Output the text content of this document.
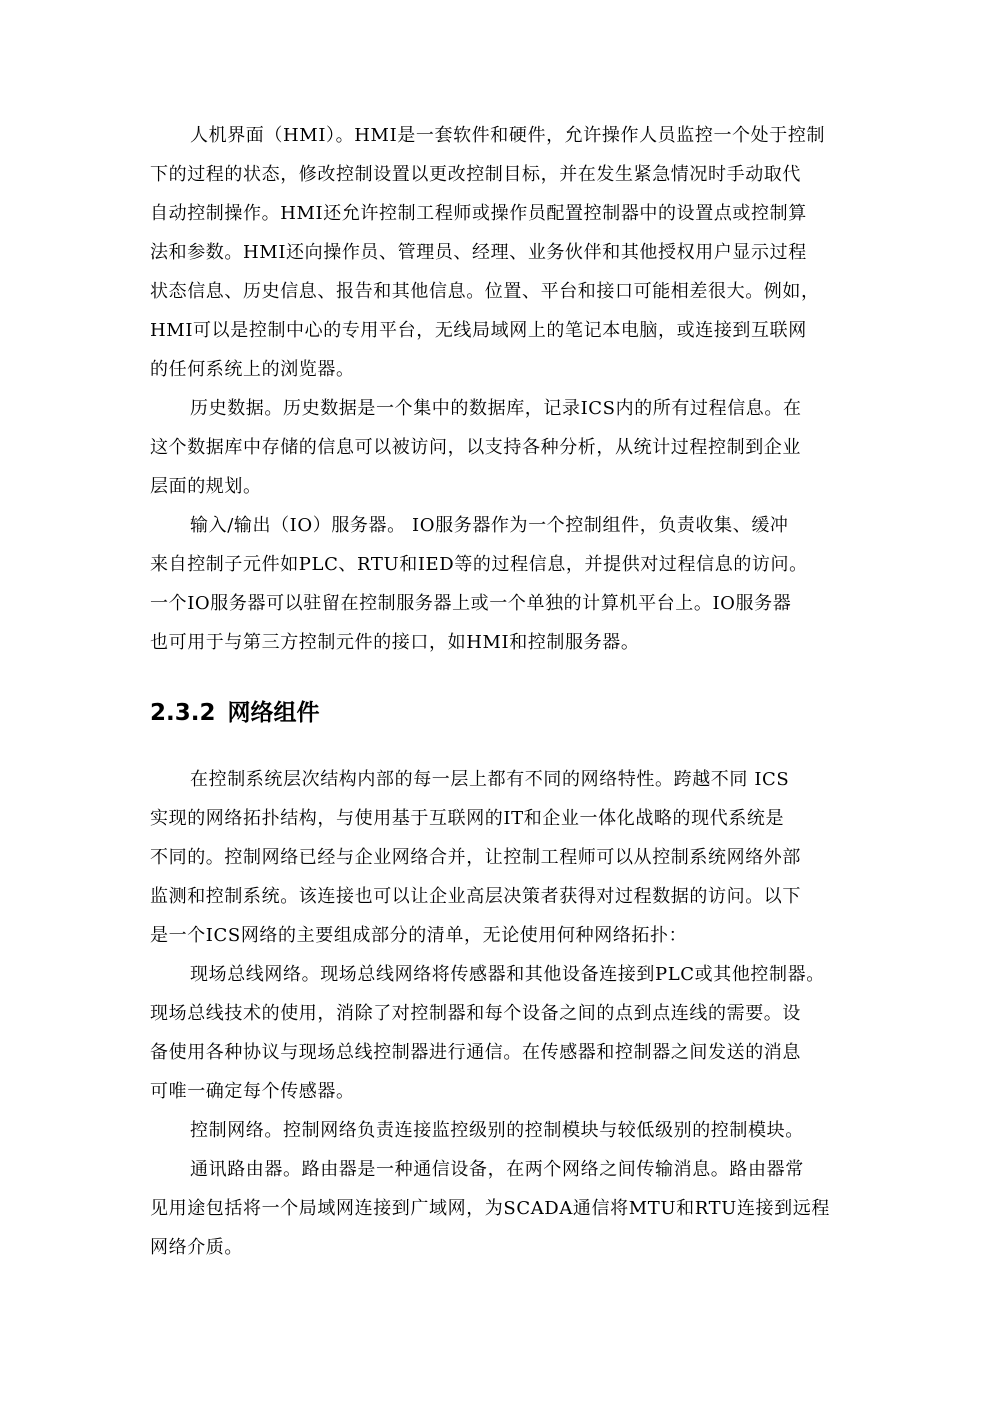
人机界面（HMI）。HMI是一套软件和硬件，允许操作人员监控一个处于控制

下的过程的状态，修改控制设置以更改控制目标，并在发生紧急情况时手动取代

自动控制操作。HMI还允许控制工程师或操作员配置控制器中的设置点或控制算

法和参数。HMI还向操作员、管理员、经理、业务伙伴和其他授权用户显示过程

状态信息、历史信息、报告和其他信息。位置、平台和接口可能相差很大。例如，

HMI可以是控制中心的专用平台，无线局域网上的笔记本电脑，或连接到互联网

的任何系统上的浏览器。

历史数据。历史数据是一个集中的数据库，记录ICS内的所有过程信息。在

这个数据库中存储的信息可以被访问，以支持各种分析，从统计过程控制到企业

层面的规划。

输入/输出（IO）服务器。 IO服务器作为一个控制组件，负责收集、缓冲

来自控制子元件如PLC、RTU和IED等的过程信息，并提供对过程信息的访问。

一个IO服务器可以驻留在控制服务器上或一个单独的计算机平台上。IO服务器

也可用于与第三方控制元件的接口，如HMI和控制服务器。

2.3.2 网络组件

在控制系统层次结构内部的每一层上都有不同的网络特性。跨越不同 ICS

实现的网络拓扑结构，与使用基于互联网的IT和企业一体化战略的现代系统是

不同的。控制网络已经与企业网络合并，让控制工程师可以从控制系统网络外部

监测和控制系统。该连接也可以让企业高层决策者获得对过程数据的访问。以下

是一个ICS网络的主要组成部分的清单，无论使用何种网络拓扑：

现场总线网络。现场总线网络将传感器和其他设备连接到PLC或其他控制器。

现场总线技术的使用，消除了对控制器和每个设备之间的点到点连线的需要。设

备使用各种协议与现场总线控制器进行通信。在传感器和控制器之间发送的消息

可唯一确定每个传感器。

控制网络。控制网络负责连接监控级别的控制模块与较低级别的控制模块。

通讯路由器。路由器是一种通信设备，在两个网络之间传输消息。路由器常

见用途包括将一个局域网连接到广域网，为SCADA通信将MTU和RTU连接到远程

网络介质。
